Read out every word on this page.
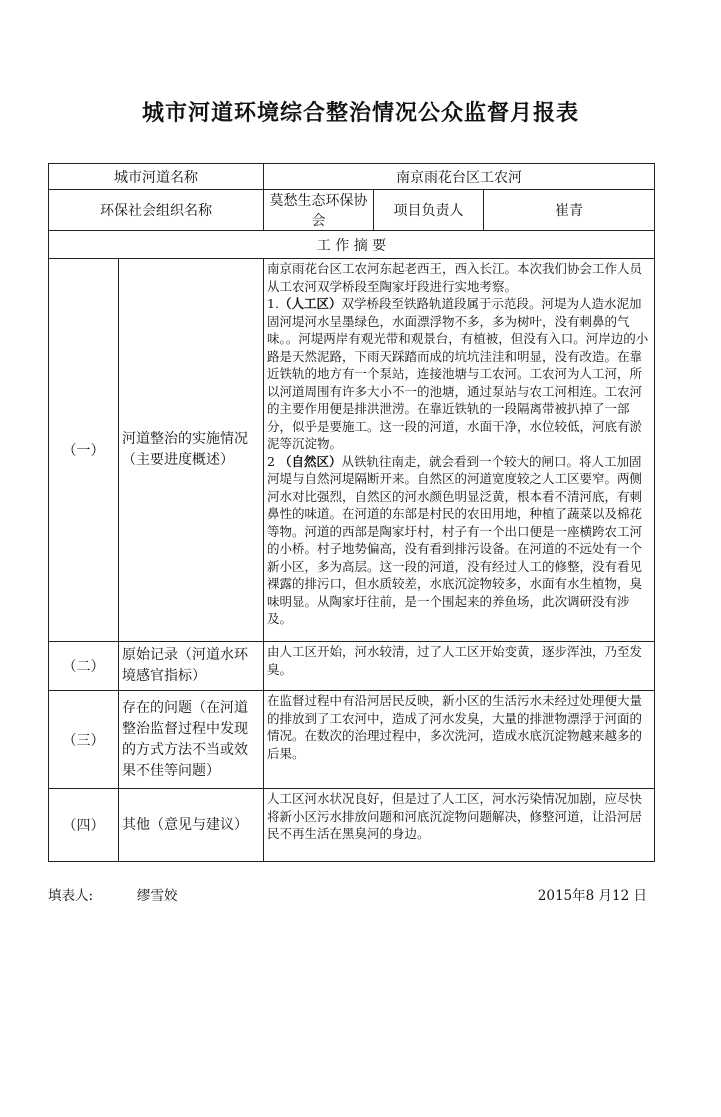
城市河道环境综合整治情况公众监督月报表
城市河道名称		南京雨花台区工农河		
环保社会组织名称		莫愁生态环保协会	项目负责人	崔青
工 作 摘 要				
（一）	河道整治的实施情况（主要进度概述）	南京雨花台区工农河东起老西王，西入长江。本次我们协会工作人员从工农河双学桥段至陶家圩段进行实地考察。

1.（人工区）双学桥段至铁路轨道段属于示范段。河堤为人造水泥加固河堤河水呈墨绿色，水面漂浮物不多，多为树叶，没有刺鼻的气味。。河堤两岸有观光带和观景台，有植被，但没有入口。河岸边的小路是天然泥路，下雨天踩踏而成的坑坑洼洼和明显，没有改造。在靠近铁轨的地方有一个泵站，连接池塘与工农河。工农河为人工河，所以河道周围有许多大小不一的池塘，通过泵站与农工河相连。工农河的主要作用便是排洪泄涝。在靠近铁轨的一段隔离带被扒掉了一部分，似乎是要施工。这一段的河道，水面干净，水位较低，河底有淤泥等沉淀物。

2 （自然区）从铁轨往南走，就会看到一个较大的闸口。将人工加固河堤与自然河堤隔断开来。自然区的河道宽度较之人工区要窄。两侧河水对比强烈，自然区的河水颜色明显泛黄，根本看不清河底，有刺鼻性的味道。在河道的东部是村民的农田用地，种植了蔬菜以及棉花等物。河道的西部是陶家圩村，村子有一个出口便是一座横跨农工河的小桥。村子地势偏高，没有看到排污设备。在河道的不远处有一个新小区，多为高层。这一段的河道，没有经过人工的修整，没有看见裸露的排污口，但水质较差，水底沉淀物较多，水面有水生植物，臭味明显。从陶家圩往前，是一个围起来的养鱼场，此次调研没有涉及。		

（二）	原始记录（河道水环境感官指标）	由人工区开始，河水较清，过了人工区开始变黄，逐步浑浊，乃至发臭。		
（三）	存在的问题（在河道整治监督过程中发现的方式方法不当或效果不佳等问题）	在监督过程中有沿河居民反映，新小区的生活污水未经过处理便大量的排放到了工农河中，造成了河水发臭，大量的排泄物漂浮于河面的情况。在数次的治理过程中，多次洗河，造成水底沉淀物越来越多的后果。		
（四）	其他（意见与建议）	人工区河水状况良好，但是过了人工区，河水污染情况加剧，应尽快将新小区污水排放问题和河底沉淀物问题解决，修整河道，让沿河居民不再生活在黑臭河的身边。		
填表人:	缪雪姣	2015年8 月12 日
